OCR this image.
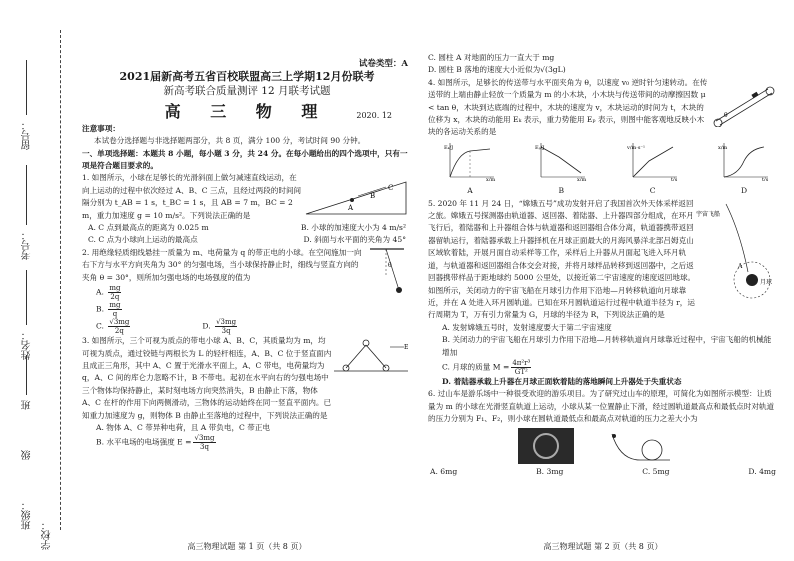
留号：
考号：
姓名：
班级：
班
级
学校：
试卷类型：A

2021届新高考五省百校联盟高三上学期12月份联考

新高考联合质量测评 12 月联考试题

高 三 物 理	2020. 12

注意事项：

本试卷分选择题与非选择题两部分，共 8 页，满分 100 分，考试时间 90 分钟。

一、单项选择题：本题共 8 小题，每小题 3 分，共 24 分。在每小题给出的四个选项中，只有一项是符合题目要求的。

1. 如图所示，小球在足够长的光滑斜面上做匀减速直线运动，在向上运动的过程中依次经过 A、B、C 三点，且经过两段的时间间隔分别为 t_AB = 1 s，t_BC = 1 s，且 AB = 7 m，BC = 2 m，重力加速度 g = 10 m/s²。下列说法正确的是

A
B
C
A. C 点到最高点的距离为 0.025 m	B. 小球的加速度大小为 4 m/s²
C. C 点为小球向上运动的最高点	D. 斜面与水平面的夹角为 45°

2. 用绝缘轻质细线悬挂一质量为 m、电荷量为 q 的带正电的小球。在空间施加一向右下方与水平方向夹角为 30° 的匀强电场，当小球保持静止时，细线与竖直方向的夹角 θ = 30°，则所加匀强电场的电场强度的值为

θ
A. $\frac{mg}{2q}$
B. $\frac{mg}{q}$
C. $\frac{√3mg}{2q}$	D. $\frac{√3mg}{3q}$

3. 如图所示，三个可视为质点的带电小球 A、B、C，其质量均为 m，均可视为质点，通过铰链与两根长为 L 的轻杆相连，A、B、C 位于竖直面内且成正三角形，其中 A、C 置于光滑水平面上，A、C 带电，电荷量均为 q，A、C 间的库仑力忽略不计，B 不带电。起初在水平向右的匀强电场中三个物体均保持静止，某时刻电场方向突然消失，B 由静止下落，物体 A、C 在杆的作用下向两侧滑动，三物体的运动始终在同一竖直平面内。已知重力加速度为 g，则物体 B 由静止至落地的过程中，下列说法正确的是

E

A. 物体 A、C 带异种电荷，且 A 带负电，C 带正电

B. 水平电场的电场强度 $E = \frac{√3mg}{3q}$

高三物理试题 第 1 页（共 8 页）

C. 圆柱 A 对地面的压力一直大于 mg

D. 圆柱 B 落地的速度大小近似为√(3gL)

4. 如图所示，足够长的传送带与水平面夹角为 θ，以速度 v₀ 逆时针匀速转动。在传送带的上端由静止轻放一个质量为 m 的小木块，小木块与传送带间的动摩擦因数 μ < tan θ，木块到达底端的过程中，木块的速度为 v，木块运动的时间为 t，木块的位移为 x，木块的动能用 Eₖ 表示，重力势能用 Eₚ 表示，则图中能客观地反映小木块的各运动关系的是

θ
Eₖ/J
x/m
A
Eₚ/J
x/m
B
v/m·s⁻¹
t/s
C
x/m
t/s
D

5. 2020 年 11 月 24 日，“嫦娥五号”成功发射开启了我国首次外天体采样返回之旅。嫦娥五号探测器由轨道器、返回器、着陆器、上升器四部分组成，在环月飞行后，着陆器和上升器组合体与轨道器和返回器组合体分离，轨道器携带返回器留轨运行，着陆器承载上升器择机在月球正面最大的月海风暴洋北部吕姆克山区域软着陆，开展月面自动采样等工作，采样后上升器从月面起飞进入环月轨道，与轨道器和返回器组合体交会对接，并将月球样品转移到返回器中，之后返回器携带样品于距地球约 5000 公里处，以接近第二宇宙速度的速度返回地球。如图所示，关闭动力的宇宙飞船在月球引力作用下沿地—月转移轨道向月球靠近，并在 A 处进入环月圆轨道。已知在环月圆轨道运行过程中轨道半径为 r，运行周期为 T，万有引力常量为 G，月球的半径为 R，下列说法正确的是

宇宙飞船
A
月球

A. 发射嫦娥五号时，发射速度要大于第二宇宙速度

B. 关闭动力的宇宙飞船在月球引力作用下沿地—月转移轨道向月球靠近过程中，宇宙飞船的机械能增加

C. 月球的质量 $M = \frac{\text{4π²r³}}{\text{GT²}}$

D. 着陆器承载上升器在月球正面软着陆的落地瞬间上升器处于失重状态

6. 过山车是游乐场中一种很受欢迎的游乐项目。为了研究过山车的原理，可简化为如图所示模型：让质量为 m 的小球在光滑竖直轨道上运动，小球从某一位置静止下滑，经过圆轨道最高点和最低点时对轨道的压力分别为 F₁、F₂，则小球在圆轨道最低点和最高点对轨道的压力之差大小为

A. 6mg	B. 3mg	C. 5mg	D. 4mg
高三物理试题 第 2 页（共 8 页）
